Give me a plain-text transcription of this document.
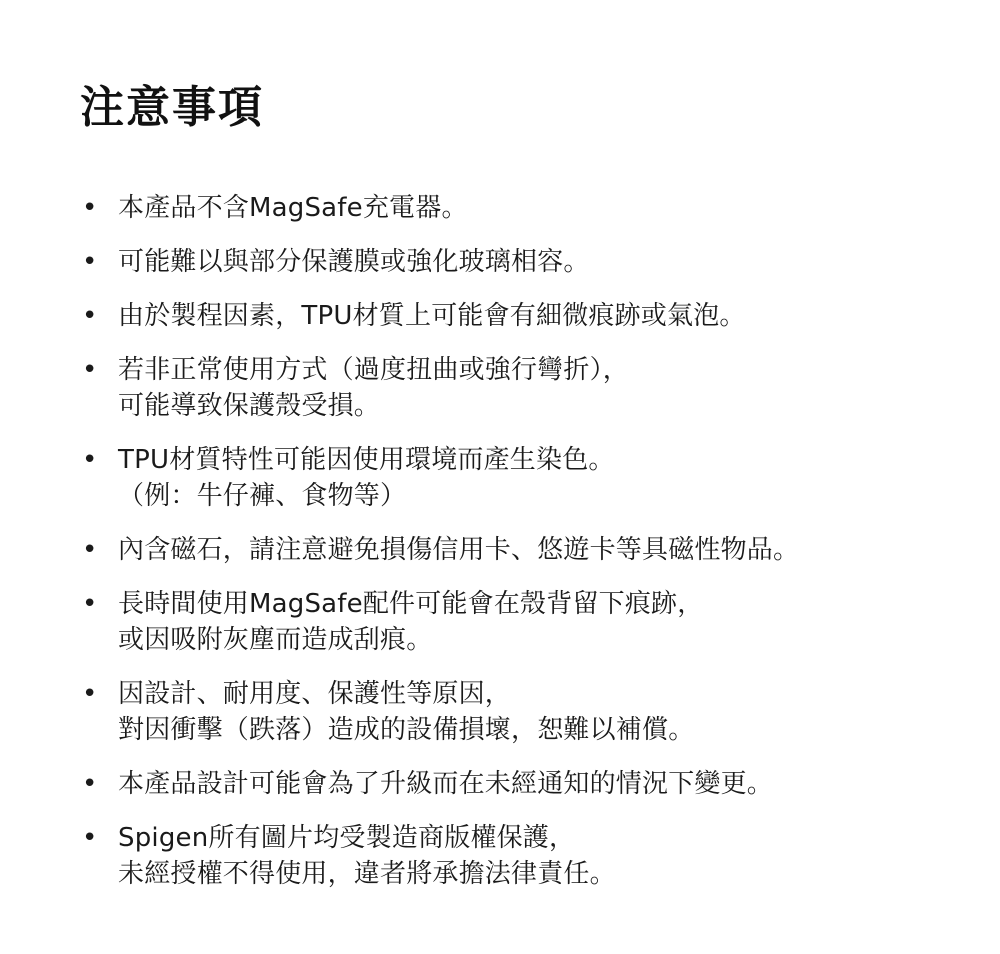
注意事項
• 本產品不含MagSafe充電器。
• 可能難以與部分保護膜或強化玻璃相容。
• 由於製程因素，TPU材質上可能會有細微痕跡或氣泡。
• 若非正常使用方式（過度扭曲或強行彎折），
可能導致保護殼受損。
• TPU材質特性可能因使用環境而產生染色。
（例：牛仔褲、食物等）
• 內含磁石，請注意避免損傷信用卡、悠遊卡等具磁性物品。
• 長時間使用MagSafe配件可能會在殼背留下痕跡，
或因吸附灰塵而造成刮痕。
• 因設計、耐用度、保護性等原因，
對因衝擊（跌落）造成的設備損壞，恕難以補償。
• 本產品設計可能會為了升級而在未經通知的情況下變更。
• Spigen所有圖片均受製造商版權保護，
未經授權不得使用，違者將承擔法律責任。
